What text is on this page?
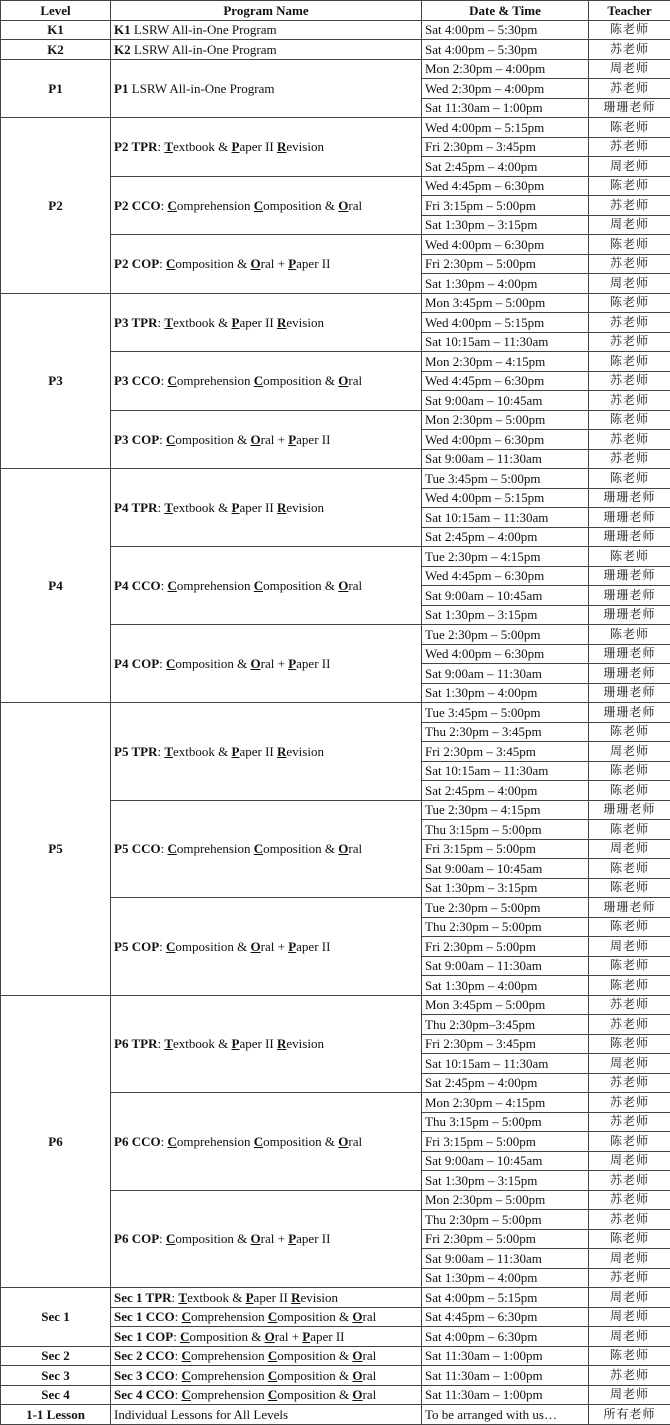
Level	Program Name	Date & Time	Teacher
K1	K1 LSRW All-in-One Program	Sat 4:00pm – 5:30pm	陈老师
K2	K2 LSRW All-in-One Program	Sat 4:00pm – 5:30pm	苏老师
P1	P1 LSRW All-in-One Program	Mon 2:30pm – 4:00pm	周老师
		Wed 2:30pm – 4:00pm	苏老师
		Sat 11:30am – 1:00pm	珊珊老师
P2	P2 TPR: Textbook & Paper II Revision	Wed 4:00pm – 5:15pm	陈老师
		Fri 2:30pm – 3:45pm	苏老师
		Sat 2:45pm – 4:00pm	周老师
	P2 CCO: Comprehension Composition & Oral	Wed 4:45pm – 6:30pm	陈老师
		Fri 3:15pm – 5:00pm	苏老师
		Sat 1:30pm – 3:15pm	周老师
	P2 COP: Composition & Oral + Paper II	Wed 4:00pm – 6:30pm	陈老师
		Fri 2:30pm – 5:00pm	苏老师
		Sat 1:30pm – 4:00pm	周老师
P3	P3 TPR: Textbook & Paper II Revision	Mon 3:45pm – 5:00pm	陈老师
		Wed 4:00pm – 5:15pm	苏老师
		Sat 10:15am – 11:30am	苏老师
	P3 CCO: Comprehension Composition & Oral	Mon 2:30pm – 4:15pm	陈老师
		Wed 4:45pm – 6:30pm	苏老师
		Sat 9:00am – 10:45am	苏老师
	P3 COP: Composition & Oral + Paper II	Mon 2:30pm – 5:00pm	陈老师
		Wed 4:00pm – 6:30pm	苏老师
		Sat 9:00am – 11:30am	苏老师
P4	P4 TPR: Textbook & Paper II Revision	Tue 3:45pm – 5:00pm	陈老师
		Wed 4:00pm – 5:15pm	珊珊老师
		Sat 10:15am – 11:30am	珊珊老师
		Sat 2:45pm – 4:00pm	珊珊老师
	P4 CCO: Comprehension Composition & Oral	Tue 2:30pm – 4:15pm	陈老师
		Wed 4:45pm – 6:30pm	珊珊老师
		Sat 9:00am – 10:45am	珊珊老师
		Sat 1:30pm – 3:15pm	珊珊老师
	P4 COP: Composition & Oral + Paper II	Tue 2:30pm – 5:00pm	陈老师
		Wed 4:00pm – 6:30pm	珊珊老师
		Sat 9:00am – 11:30am	珊珊老师
		Sat 1:30pm – 4:00pm	珊珊老师
P5	P5 TPR: Textbook & Paper II Revision	Tue 3:45pm – 5:00pm	珊珊老师
		Thu 2:30pm – 3:45pm	陈老师
		Fri 2:30pm – 3:45pm	周老师
		Sat 10:15am – 11:30am	陈老师
		Sat 2:45pm – 4:00pm	陈老师
	P5 CCO: Comprehension Composition & Oral	Tue 2:30pm – 4:15pm	珊珊老师
		Thu 3:15pm – 5:00pm	陈老师
		Fri 3:15pm – 5:00pm	周老师
		Sat 9:00am – 10:45am	陈老师
		Sat 1:30pm – 3:15pm	陈老师
	P5 COP: Composition & Oral + Paper II	Tue 2:30pm – 5:00pm	珊珊老师
		Thu 2:30pm – 5:00pm	陈老师
		Fri 2:30pm – 5:00pm	周老师
		Sat 9:00am – 11:30am	陈老师
		Sat 1:30pm – 4:00pm	陈老师
P6	P6 TPR: Textbook & Paper II Revision	Mon 3:45pm – 5:00pm	苏老师
		Thu 2:30pm–3:45pm	苏老师
		Fri 2:30pm – 3:45pm	陈老师
		Sat 10:15am – 11:30am	周老师
		Sat 2:45pm – 4:00pm	苏老师
	P6 CCO: Comprehension Composition & Oral	Mon 2:30pm – 4:15pm	苏老师
		Thu 3:15pm – 5:00pm	苏老师
		Fri 3:15pm – 5:00pm	陈老师
		Sat 9:00am – 10:45am	周老师
		Sat 1:30pm – 3:15pm	苏老师
	P6 COP: Composition & Oral + Paper II	Mon 2:30pm – 5:00pm	苏老师
		Thu 2:30pm – 5:00pm	苏老师
		Fri 2:30pm – 5:00pm	陈老师
		Sat 9:00am – 11:30am	周老师
		Sat 1:30pm – 4:00pm	苏老师
Sec 1	Sec 1 TPR: Textbook & Paper II Revision	Sat 4:00pm – 5:15pm	周老师
	Sec 1 CCO: Comprehension Composition & Oral	Sat 4:45pm – 6:30pm	周老师
	Sec 1 COP: Composition & Oral + Paper II	Sat 4:00pm – 6:30pm	周老师
Sec 2	Sec 2 CCO: Comprehension Composition & Oral	Sat 11:30am – 1:00pm	陈老师
Sec 3	Sec 3 CCO: Comprehension Composition & Oral	Sat 11:30am – 1:00pm	苏老师
Sec 4	Sec 4 CCO: Comprehension Composition & Oral	Sat 11:30am – 1:00pm	周老师
1-1 Lesson	Individual Lessons for All Levels	To be arranged with us…	所有老师
